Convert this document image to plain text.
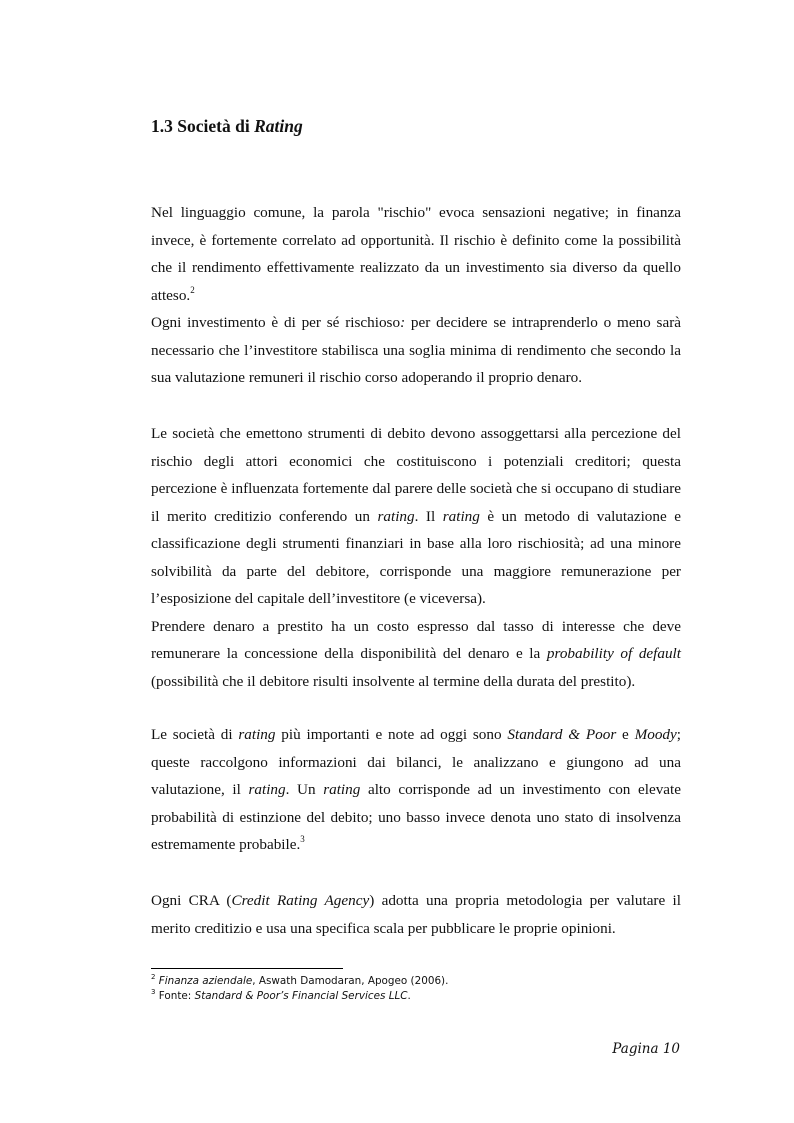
1.3 Società di Rating

Nel linguaggio comune, la parola "rischio" evoca sensazioni negative; in finanza invece, è fortemente correlato ad opportunità. Il rischio è definito come la possibilità che il rendimento effettivamente realizzato da un investimento sia diverso da quello atteso.$^2$

Ogni investimento è di per sé rischioso: per decidere se intraprenderlo o meno sarà necessario che l’investitore stabilisca una soglia minima di rendimento che secondo la sua valutazione remuneri il rischio corso adoperando il proprio denaro.

Le società che emettono strumenti di debito devono assoggettarsi alla percezione del rischio degli attori economici che costituiscono i potenziali creditori; questa percezione è influenzata fortemente dal parere delle società che si occupano di studiare il merito creditizio conferendo un rating. Il rating è un metodo di valutazione e classificazione degli strumenti finanziari in base alla loro rischiosità; ad una minore solvibilità da parte del debitore, corrisponde una maggiore remunerazione per l’esposizione del capitale dell’investitore (e viceversa).

Prendere denaro a prestito ha un costo espresso dal tasso di interesse che deve remunerare la concessione della disponibilità del denaro e la probability of default (possibilità che il debitore risulti insolvente al termine della durata del prestito).

Le società di rating più importanti e note ad oggi sono Standard & Poor e Moody; queste raccolgono informazioni dai bilanci, le analizzano e giungono ad una valutazione, il rating. Un rating alto corrisponde ad un investimento con elevate probabilità di estinzione del debito; uno basso invece denota uno stato di insolvenza estremamente probabile.$^3$

Ogni CRA (Credit Rating Agency) adotta una propria metodologia per valutare il merito creditizio e usa una specifica scala per pubblicare le proprie opinioni.

$^2$ Finanza aziendale, Aswath Damodaran, Apogeo (2006).
$^3$ Fonte: Standard & Poor’s Financial Services LLC.
Pagina 10
